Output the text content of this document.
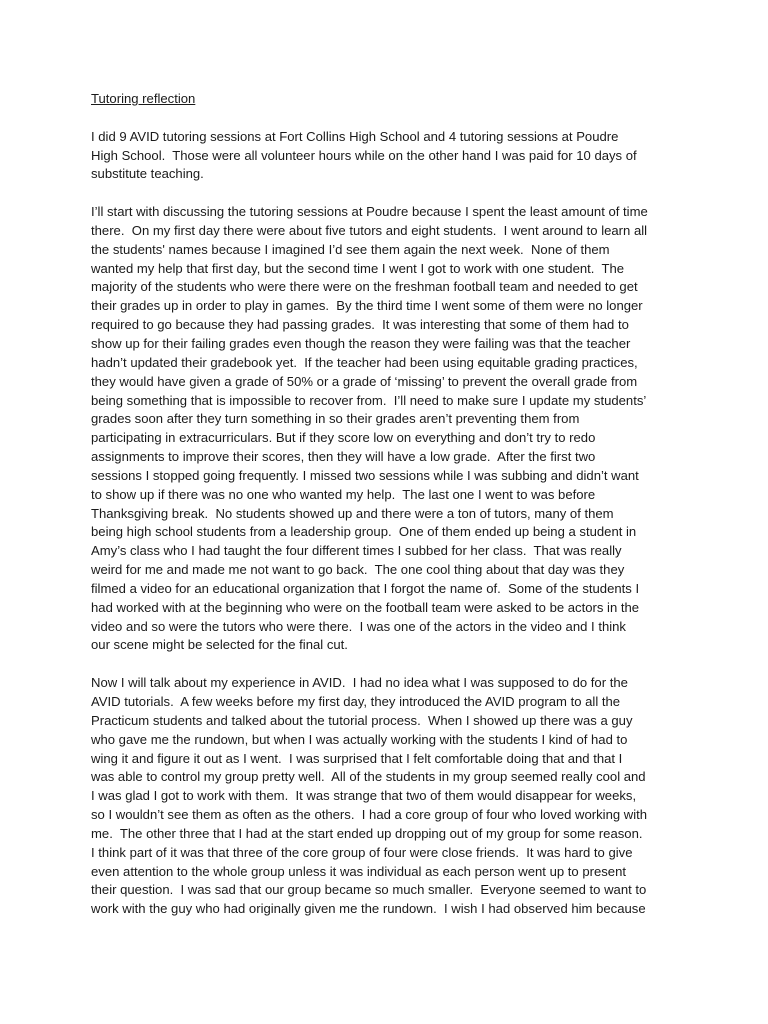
Tutoring reflection

I did 9 AVID tutoring sessions at Fort Collins High School and 4 tutoring sessions at Poudre
High School.  Those were all volunteer hours while on the other hand I was paid for 10 days of
substitute teaching.

I’ll start with discussing the tutoring sessions at Poudre because I spent the least amount of time
there.  On my first day there were about five tutors and eight students.  I went around to learn all
the students' names because I imagined I’d see them again the next week.  None of them
wanted my help that first day, but the second time I went I got to work with one student.  The
majority of the students who were there were on the freshman football team and needed to get
their grades up in order to play in games.  By the third time I went some of them were no longer
required to go because they had passing grades.  It was interesting that some of them had to
show up for their failing grades even though the reason they were failing was that the teacher
hadn’t updated their gradebook yet.  If the teacher had been using equitable grading practices,
they would have given a grade of 50% or a grade of ‘missing’ to prevent the overall grade from
being something that is impossible to recover from.  I’ll need to make sure I update my students’
grades soon after they turn something in so their grades aren’t preventing them from
participating in extracurriculars. But if they score low on everything and don’t try to redo
assignments to improve their scores, then they will have a low grade.  After the first two
sessions I stopped going frequently. I missed two sessions while I was subbing and didn’t want
to show up if there was no one who wanted my help.  The last one I went to was before
Thanksgiving break.  No students showed up and there were a ton of tutors, many of them
being high school students from a leadership group.  One of them ended up being a student in
Amy’s class who I had taught the four different times I subbed for her class.  That was really
weird for me and made me not want to go back.  The one cool thing about that day was they
filmed a video for an educational organization that I forgot the name of.  Some of the students I
had worked with at the beginning who were on the football team were asked to be actors in the
video and so were the tutors who were there.  I was one of the actors in the video and I think
our scene might be selected for the final cut.

Now I will talk about my experience in AVID.  I had no idea what I was supposed to do for the
AVID tutorials.  A few weeks before my first day, they introduced the AVID program to all the
Practicum students and talked about the tutorial process.  When I showed up there was a guy
who gave me the rundown, but when I was actually working with the students I kind of had to
wing it and figure it out as I went.  I was surprised that I felt comfortable doing that and that I
was able to control my group pretty well.  All of the students in my group seemed really cool and
I was glad I got to work with them.  It was strange that two of them would disappear for weeks,
so I wouldn’t see them as often as the others.  I had a core group of four who loved working with
me.  The other three that I had at the start ended up dropping out of my group for some reason.
I think part of it was that three of the core group of four were close friends.  It was hard to give
even attention to the whole group unless it was individual as each person went up to present
their question.  I was sad that our group became so much smaller.  Everyone seemed to want to
work with the guy who had originally given me the rundown.  I wish I had observed him because
